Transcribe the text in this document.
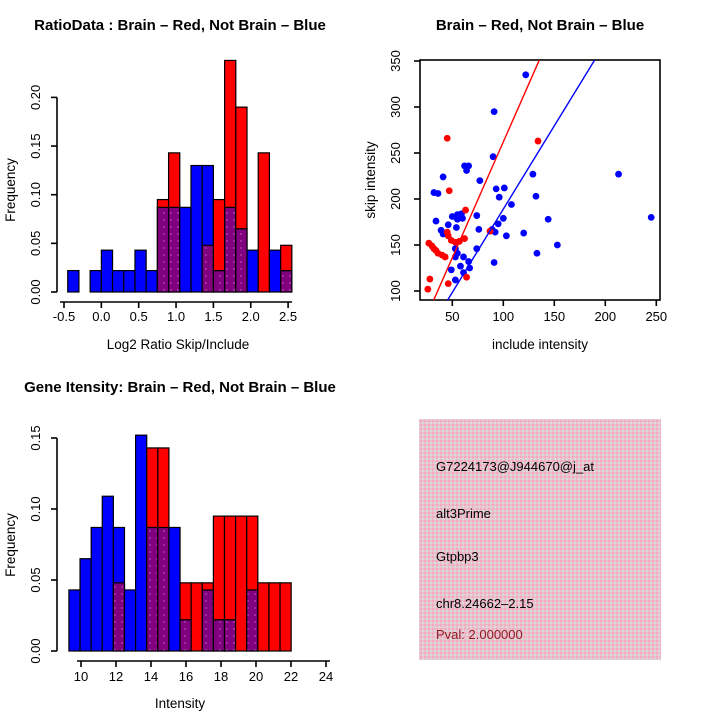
RatioData : Brain – Red, Not Brain – Blue
Log2 Ratio Skip/Include
Frequency
-0.5 0.0 0.5 1.0 1.5 2.0 2.5
0.00
0.05
0.10
0.15
0.20
Brain – Red, Not Brain – Blue
include intensity
skip intensity
50	100 150 200 250
100
150
200
250
300
350
Gene Itensity: Brain – Red, Not Brain – Blue
Intensity
Frequency
10 12 14 16 18 20 22 24
0.00
0.05
0.10
0.15
G7224173@J944670@j_at
alt3Prime
Gtpbp3
chr8.24662–2.15
Pval: 2.000000
